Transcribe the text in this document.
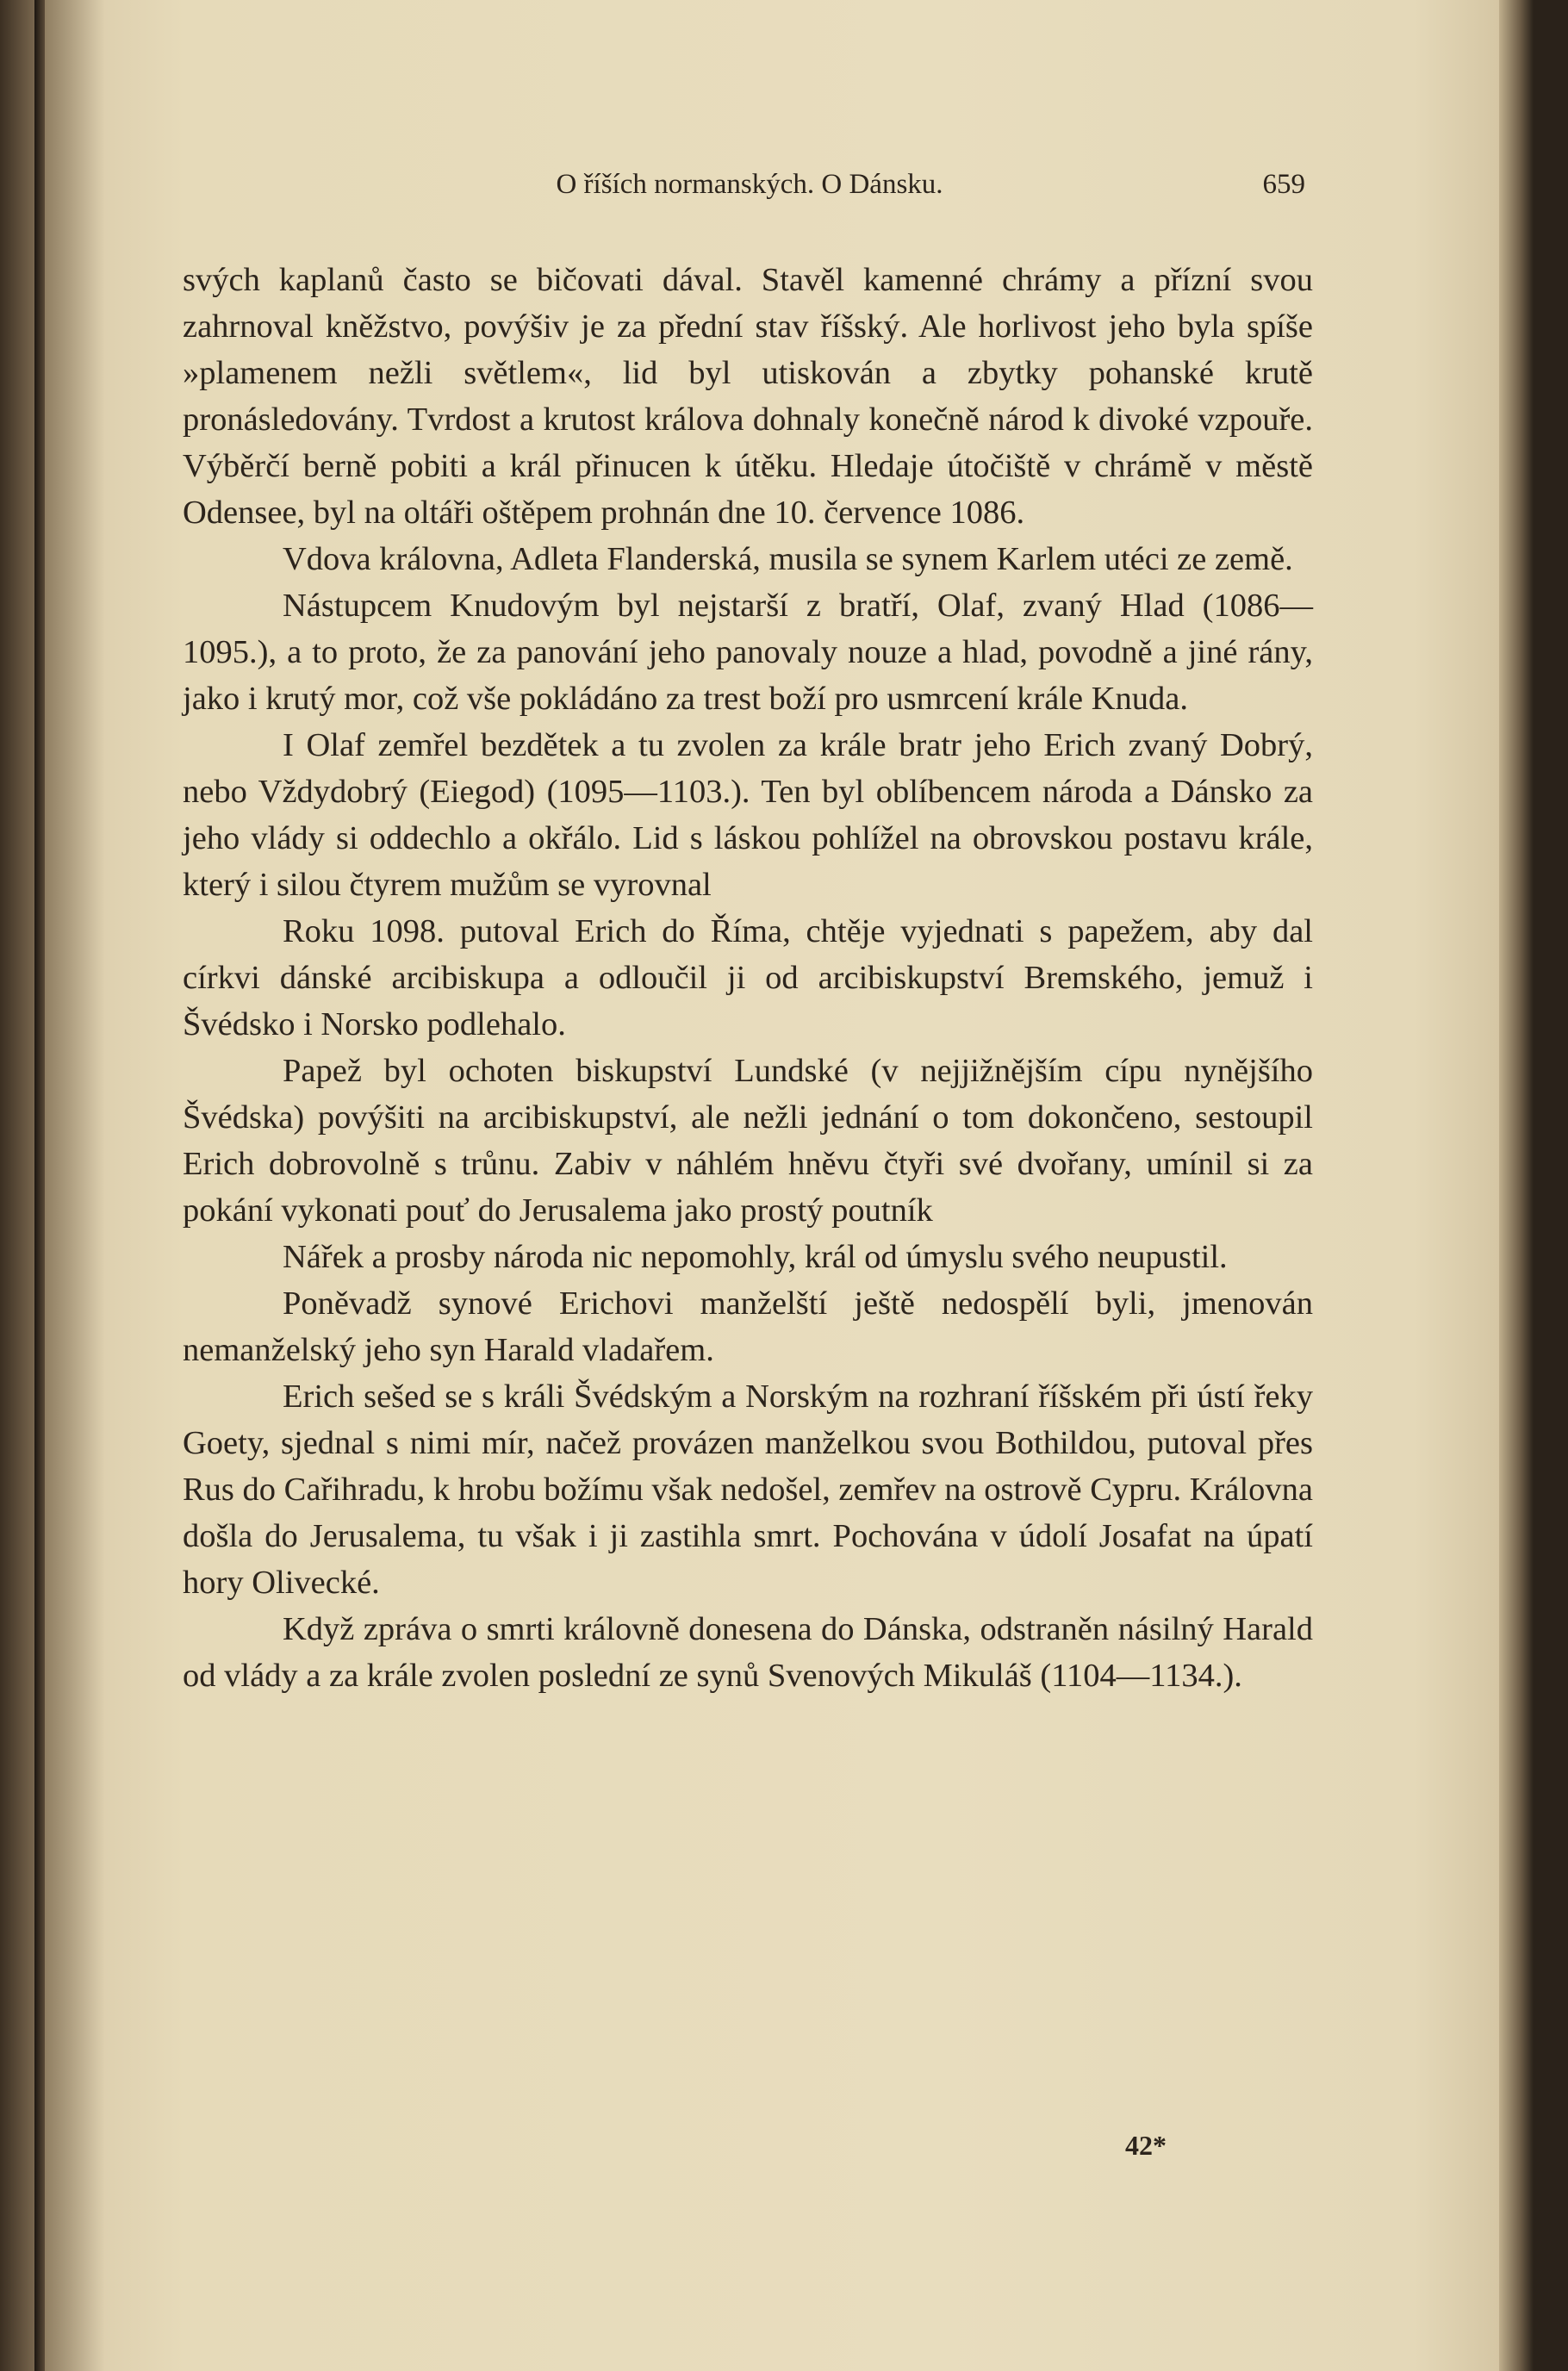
O říších normanských. O Dánsku.	659

svých kaplanů často se bičovati dával. Stavěl kamenné chrámy a přízní svou zahrnoval kněžstvo, povýšiv je za přední stav říšský. Ale horlivost jeho byla spíše »plamenem nežli světlem«, lid byl utiskován a zbytky pohanské krutě pronásledovány. Tvrdost a krutost králova dohnaly konečně národ k divoké vzpouře. Výběrčí berně pobiti a král přinucen k útěku. Hledaje útočiště v chrámě v městě Odensee, byl na oltáři oštěpem prohnán dne 10. července 1086.

Vdova královna, Adleta Flanderská, musila se synem Karlem utéci ze země.

Nástupcem Knudovým byl nejstarší z bratří, Olaf, zvaný Hlad (1086—1095.), a to proto, že za panování jeho panovaly nouze a hlad, povodně a jiné rány, jako i krutý mor, což vše pokládáno za trest boží pro usmrcení krále Knuda.

I Olaf zemřel bezdětek a tu zvolen za krále bratr jeho Erich zvaný Dobrý, nebo Vždydobrý (Eiegod) (1095—1103.). Ten byl oblíbencem národa a Dánsko za jeho vlády si oddechlo a okřálo. Lid s láskou pohlížel na obrovskou postavu krále, který i silou čtyrem mužům se vyrovnal

Roku 1098. putoval Erich do Říma, chtěje vyjednati s papežem, aby dal církvi dánské arcibiskupa a odloučil ji od arcibiskupství Bremského, jemuž i Švédsko i Norsko podlehalo.

Papež byl ochoten biskupství Lundské (v nejjižnějším cípu nynějšího Švédska) povýšiti na arcibiskupství, ale nežli jednání o tom dokončeno, sestoupil Erich dobrovolně s trůnu. Zabiv v náhlém hněvu čtyři své dvořany, umínil si za pokání vykonati pouť do Jerusalema jako prostý poutník

Nářek a prosby národa nic nepomohly, král od úmyslu svého neupustil.

Poněvadž synové Erichovi manželští ještě nedospělí byli, jmenován nemanželský jeho syn Harald vladařem.

Erich sešed se s králi Švédským a Norským na rozhraní říšském při ústí řeky Goety, sjednal s nimi mír, načež provázen manželkou svou Bothildou, putoval přes Rus do Cařihradu, k hrobu božímu však nedošel, zemřev na ostrově Cypru. Královna došla do Jerusalema, tu však i ji zastihla smrt. Pochována v údolí Josafat na úpatí hory Olivecké.

Když zpráva o smrti královně donesena do Dánska, odstraněn násilný Harald od vlády a za krále zvolen poslední ze synů Svenových Mikuláš (1104—1134.).

42*
